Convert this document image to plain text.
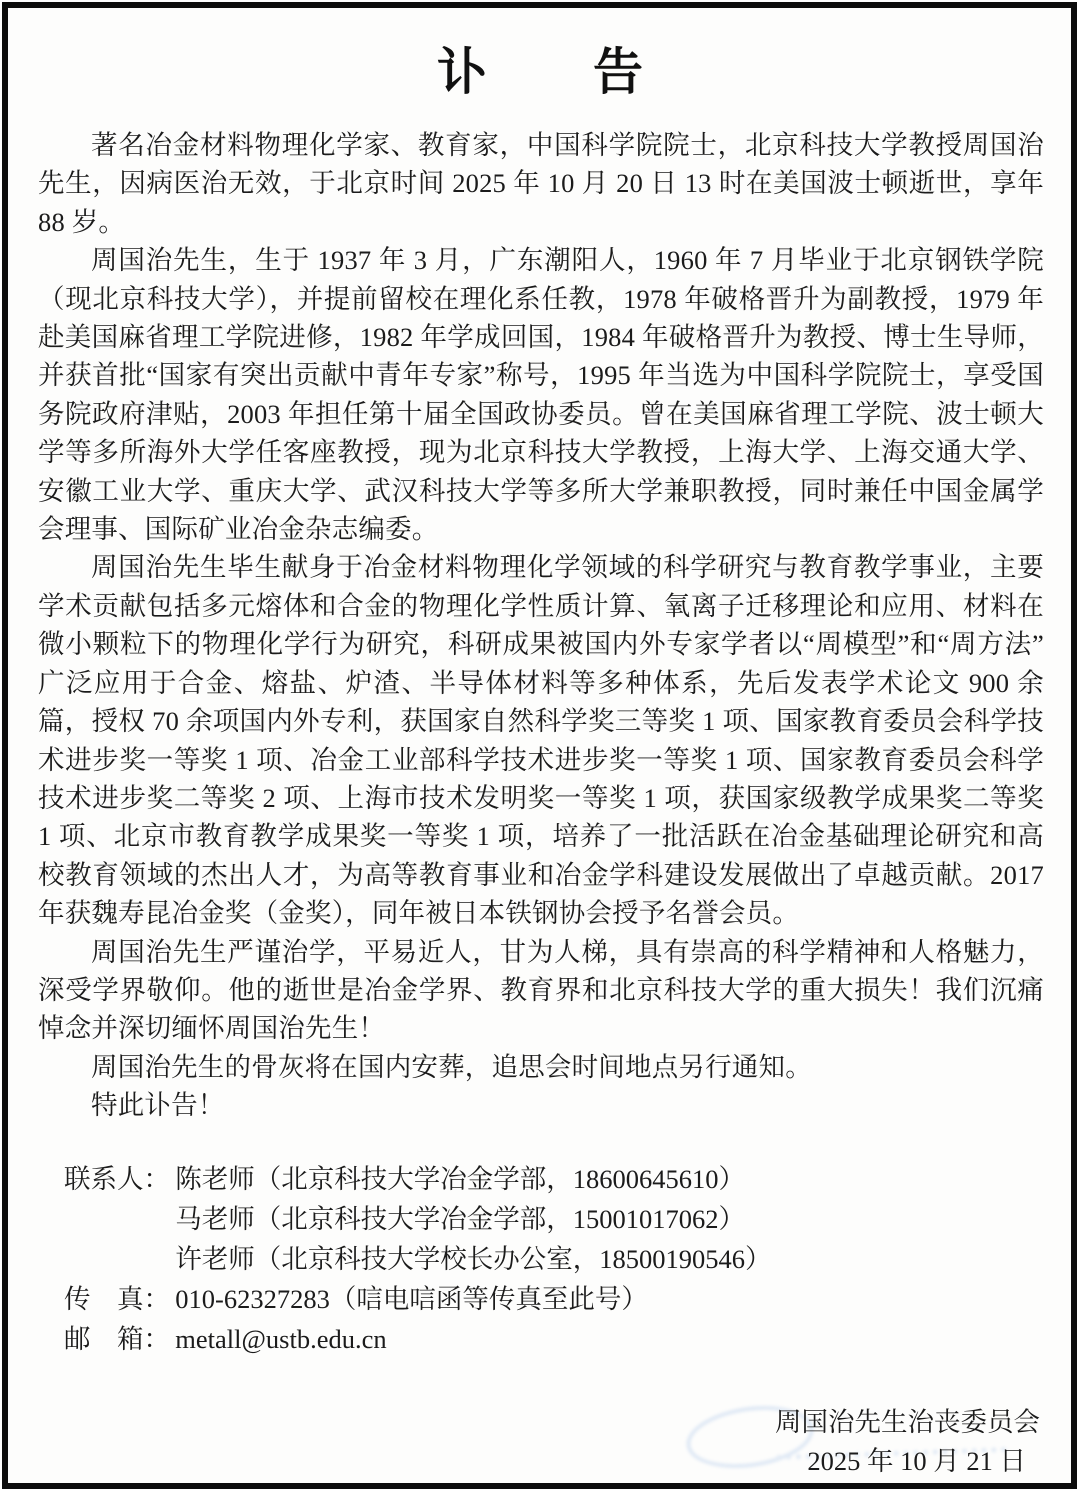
讣　　告

著名冶金材料物理化学家、教育家，中国科学院院士，北京科技大学教授周国治先生，因病医治无效，于北京时间 2025 年 10 月 20 日 13 时在美国波士顿逝世，享年 88 岁。

周国治先生，生于 1937 年 3 月，广东潮阳人，1960 年 7 月毕业于北京钢铁学院（现北京科技大学），并提前留校在理化系任教，1978 年破格晋升为副教授，1979 年赴美国麻省理工学院进修，1982 年学成回国，1984 年破格晋升为教授、博士生导师，并获首批“国家有突出贡献中青年专家”称号，1995 年当选为中国科学院院士，享受国务院政府津贴，2003 年担任第十届全国政协委员。曾在美国麻省理工学院、波士顿大学等多所海外大学任客座教授，现为北京科技大学教授，上海大学、上海交通大学、安徽工业大学、重庆大学、武汉科技大学等多所大学兼职教授，同时兼任中国金属学会理事、国际矿业冶金杂志编委。

周国治先生毕生献身于冶金材料物理化学领域的科学研究与教育教学事业，主要学术贡献包括多元熔体和合金的物理化学性质计算、氧离子迁移理论和应用、材料在微小颗粒下的物理化学行为研究，科研成果被国内外专家学者以“周模型”和“周方法”广泛应用于合金、熔盐、炉渣、半导体材料等多种体系，先后发表学术论文 900 余篇，授权 70 余项国内外专利，获国家自然科学奖三等奖 1 项、国家教育委员会科学技术进步奖一等奖 1 项、冶金工业部科学技术进步奖一等奖 1 项、国家教育委员会科学技术进步奖二等奖 2 项、上海市技术发明奖一等奖 1 项，获国家级教学成果奖二等奖 1 项、北京市教育教学成果奖一等奖 1 项，培养了一批活跃在冶金基础理论研究和高校教育领域的杰出人才，为高等教育事业和冶金学科建设发展做出了卓越贡献。2017 年获魏寿昆冶金奖（金奖），同年被日本铁钢协会授予名誉会员。

周国治先生严谨治学，平易近人，甘为人梯，具有崇高的科学精神和人格魅力，深受学界敬仰。他的逝世是冶金学界、教育界和北京科技大学的重大损失！我们沉痛悼念并深切缅怀周国治先生！

周国治先生的骨灰将在国内安葬，追思会时间地点另行通知。

特此讣告！

联系人： 陈老师（北京科技大学冶金学部，18600645610）
马老师（北京科技大学冶金学部，15001017062）
许老师（北京科技大学校长办公室，18500190546）
传　真： 010-62327283（唁电唁函等传真至此号）
邮　箱： metall@ustb.edu.cn
周国治先生治丧委员会
2025 年 10 月 21 日
